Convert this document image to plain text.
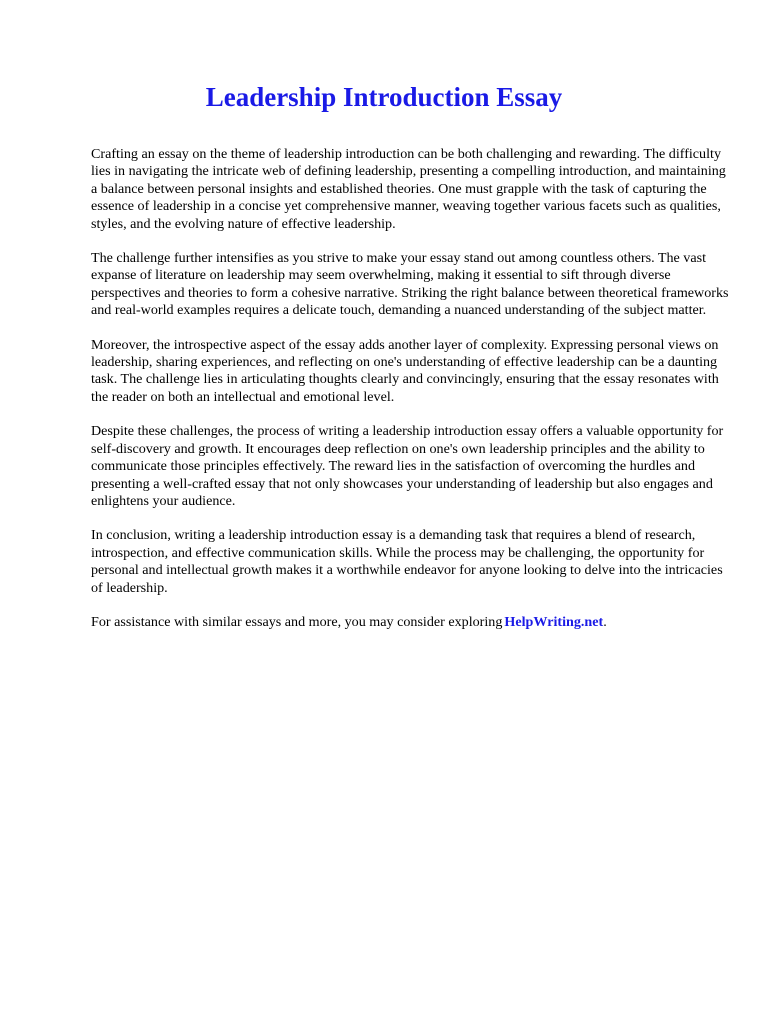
Leadership Introduction Essay

Crafting an essay on the theme of leadership introduction can be both challenging and rewarding. The difficulty lies in navigating the intricate web of defining leadership, presenting a compelling introduction, and maintaining a balance between personal insights and established theories. One must grapple with the task of capturing the essence of leadership in a concise yet comprehensive manner, weaving together various facets such as qualities, styles, and the evolving nature of effective leadership.

The challenge further intensifies as you strive to make your essay stand out among countless others. The vast expanse of literature on leadership may seem overwhelming, making it essential to sift through diverse perspectives and theories to form a cohesive narrative. Striking the right balance between theoretical frameworks and real-world examples requires a delicate touch, demanding a nuanced understanding of the subject matter.

Moreover, the introspective aspect of the essay adds another layer of complexity. Expressing personal views on leadership, sharing experiences, and reflecting on one's understanding of effective leadership can be a daunting task. The challenge lies in articulating thoughts clearly and convincingly, ensuring that the essay resonates with the reader on both an intellectual and emotional level.

Despite these challenges, the process of writing a leadership introduction essay offers a valuable opportunity for self-discovery and growth. It encourages deep reflection on one's own leadership principles and the ability to communicate those principles effectively. The reward lies in the satisfaction of overcoming the hurdles and presenting a well-crafted essay that not only showcases your understanding of leadership but also engages and enlightens your audience.

In conclusion, writing a leadership introduction essay is a demanding task that requires a blend of research, introspection, and effective communication skills. While the process may be challenging, the opportunity for personal and intellectual growth makes it a worthwhile endeavor for anyone looking to delve into the intricacies of leadership.

For assistance with similar essays and more, you may consider exploring HelpWriting.net.
